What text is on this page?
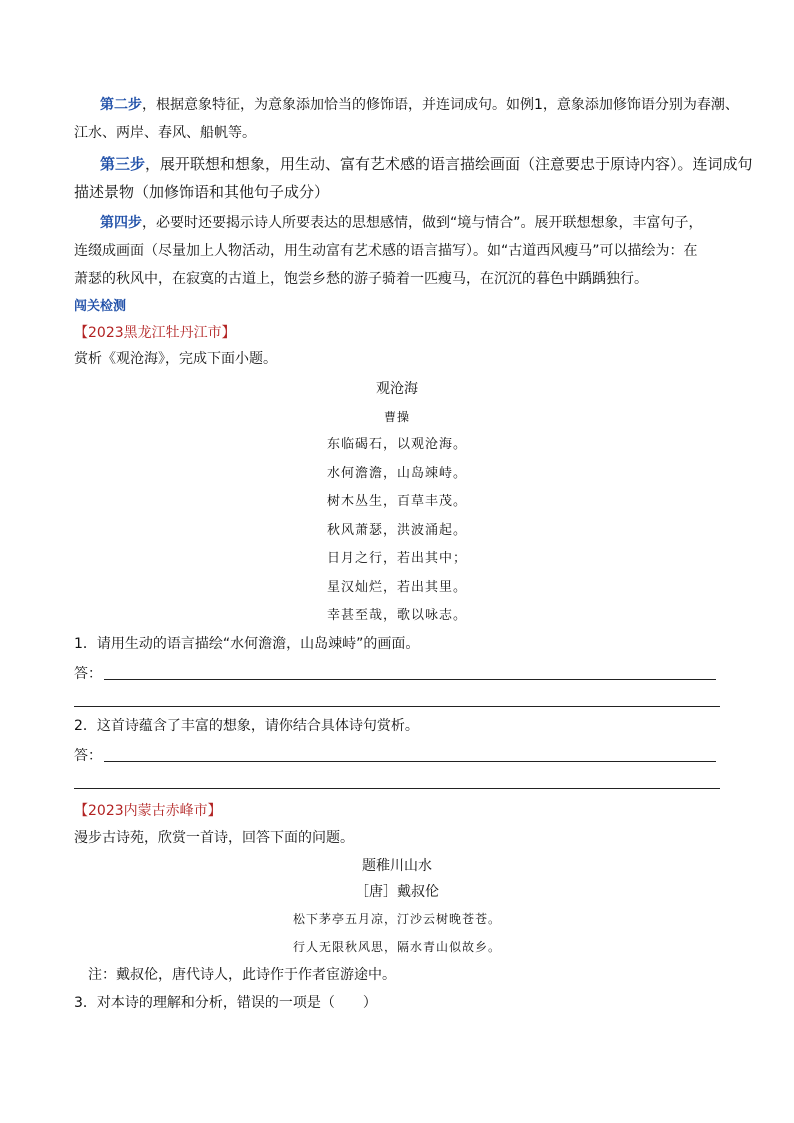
第二步，根据意象特征，为意象添加恰当的修饰语，并连词成句。如例1，意象添加修饰语分别为春潮、
江水、两岸、春风、船帆等。
第三步，展开联想和想象，用生动、富有艺术感的语言描绘画面（注意要忠于原诗内容）。连词成句
描述景物（加修饰语和其他句子成分）
第四步，必要时还要揭示诗人所要表达的思想感情，做到“境与情合”。展开联想想象，丰富句子，
连缀成画面（尽量加上人物活动，用生动富有艺术感的语言描写）。如“古道西风瘦马”可以描绘为：在
萧瑟的秋风中，在寂寞的古道上，饱尝乡愁的游子骑着一匹瘦马，在沉沉的暮色中踽踽独行。
闯关检测
【2023黑龙江牡丹江市】
赏析《观沧海》，完成下面小题。
观沧海
曹操
东临碣石，以观沧海。
水何澹澹，山岛竦峙。
树木丛生，百草丰茂。
秋风萧瑟，洪波涌起。
日月之行，若出其中；
星汉灿烂，若出其里。
幸甚至哉，歌以咏志。
1．请用生动的语言描绘“水何澹澹，山岛竦峙”的画面。
答：
2．这首诗蕴含了丰富的想象，请你结合具体诗句赏析。
答：
【2023内蒙古赤峰市】
漫步古诗苑，欣赏一首诗，回答下面的问题。
题稚川山水
［唐］戴叔伦
松下茅亭五月凉，汀沙云树晚苍苍。
行人无限秋风思，隔水青山似故乡。
注：戴叔伦，唐代诗人，此诗作于作者宦游途中。
3．对本诗的理解和分析，错误的一项是（　　）
